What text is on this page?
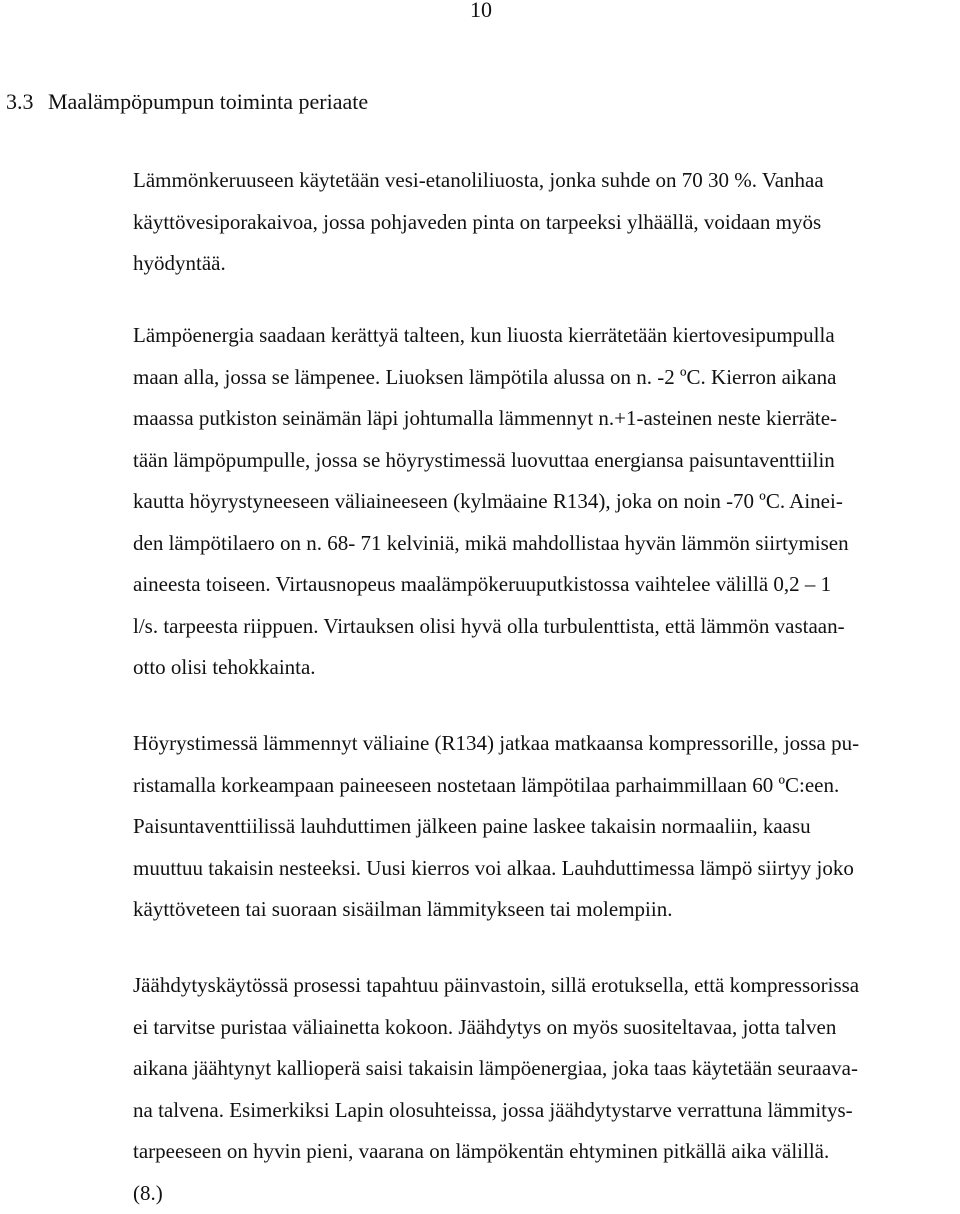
10
3.3 Maalämpöpumpun toiminta periaate
Lämmönkeruuseen käytetään vesi-etanoliliuosta, jonka suhde on 70 30 %. Vanhaa
käyttövesiporakaivoa, jossa pohjaveden pinta on tarpeeksi ylhäällä, voidaan myös
hyödyntää.
Lämpöenergia saadaan kerättyä talteen, kun liuosta kierrätetään kiertovesipumpulla
maan alla, jossa se lämpenee. Liuoksen lämpötila alussa on n. -2 ºC. Kierron aikana
maassa putkiston seinämän läpi johtumalla lämmennyt n.+1-asteinen neste kierräte-
tään lämpöpumpulle, jossa se höyrystimessä luovuttaa energiansa paisuntaventtiilin
kautta höyrystyneeseen väliaineeseen (kylmäaine R134), joka on noin -70 ºC. Ainei-
den lämpötilaero on n. 68- 71 kelviniä, mikä mahdollistaa hyvän lämmön siirtymisen
aineesta toiseen. Virtausnopeus maalämpökeruuputkistossa vaihtelee välillä 0,2 – 1
l/s. tarpeesta riippuen. Virtauksen olisi hyvä olla turbulenttista, että lämmön vastaan-
otto olisi tehokkainta.
Höyrystimessä lämmennyt väliaine (R134) jatkaa matkaansa kompressorille, jossa pu-
ristamalla korkeampaan paineeseen nostetaan lämpötilaa parhaimmillaan 60 ºC:een.
Paisuntaventtiilissä lauhduttimen jälkeen paine laskee takaisin normaaliin, kaasu
muuttuu takaisin nesteeksi. Uusi kierros voi alkaa. Lauhduttimessa lämpö siirtyy joko
käyttöveteen tai suoraan sisäilman lämmitykseen tai molempiin.
Jäähdytyskäytössä prosessi tapahtuu päinvastoin, sillä erotuksella, että kompressorissa
ei tarvitse puristaa väliainetta kokoon. Jäähdytys on myös suositeltavaa, jotta talven
aikana jäähtynyt kalliоperä saisi takaisin lämpöenergiaa, joka taas käytetään seuraava-
na talvena. Esimerkiksi Lapin olosuhteissa, jossa jäähdytystarve verrattuna lämmitys-
tarpeeseen on hyvin pieni, vaarana on lämpökentän ehtyminen pitkällä aika välillä.
(8.)
